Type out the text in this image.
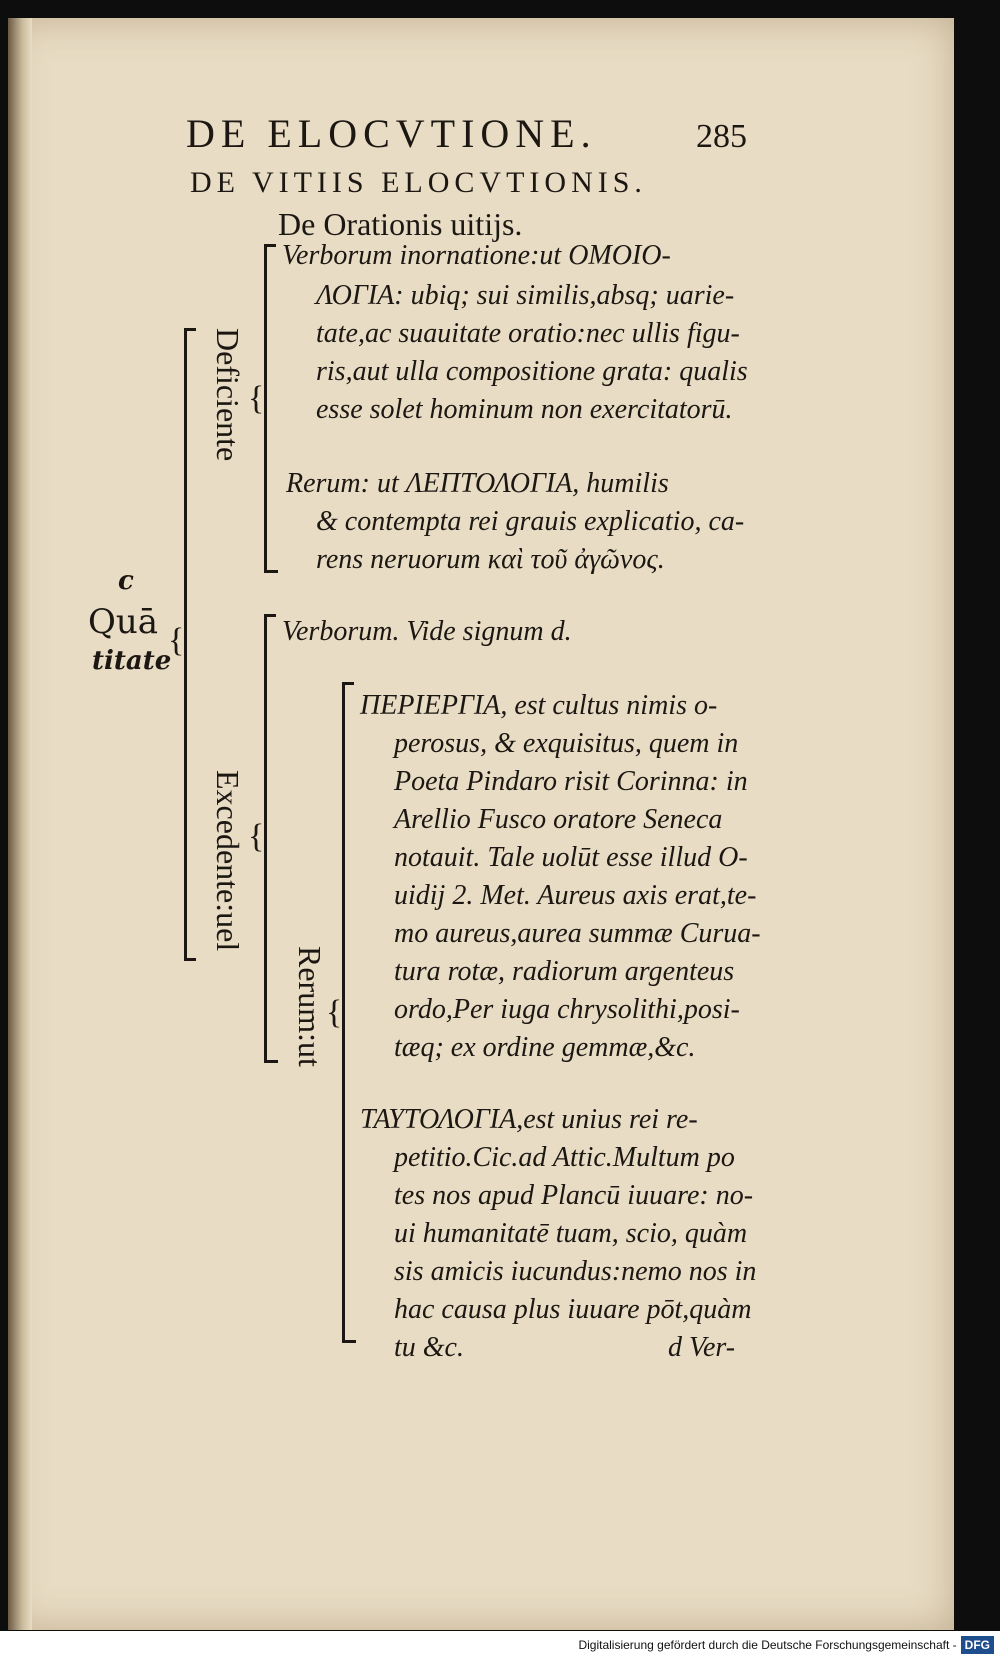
DE ELOCVTIONE.	285
DE VITIIS ELOCVTIONIS.
De Orationis uitijs.
c
Quā
titate
{
Deficiente
Excedente:uel
Rerum:ut
{
{
{
Verborum inornatione:ut ΟΜΟΙΟ-
ΛΟΓΙΑ: ubiq; sui similis,absq; uarie-
tate,ac suauitate oratio:nec ullis figu-
ris,aut ulla compositione grata: qualis
esse solet hominum non exercitatorū.
Rerum: ut ΛΕΠΤΟΛΟΓΙΑ, humilis
& contempta rei grauis explicatio, ca-
rens neruorum καὶ τοῦ ἀγῶνος.
Verborum. Vide signum d.
ΠΕΡΙΕΡΓΙΑ, est cultus nimis o-
perosus, & exquisitus, quem in
Poeta Pindaro risit Corinna: in
Arellio Fusco oratore Seneca
notauit. Tale uolūt esse illud O-
uidij 2. Met. Aureus axis erat,te-
mo aureus,aurea summæ Curua-
tura rotæ, radiorum argenteus
ordo,Per iuga chrysolithi,posi-
tæq; ex ordine gemmæ,&c.
ΤΑΥΤΟΛΟΓΙΑ,est unius rei re-
petitio.Cic.ad Attic.Multum po
tes nos apud Plancū iuuare: no-
ui humanitatē tuam, scio, quàm
sis amicis iucundus:nemo nos in
hac causa plus iuuare pōt,quàm
tu &c.	d Ver-
Digitalisierung gefördert durch die Deutsche Forschungsgemeinschaft - DFG
